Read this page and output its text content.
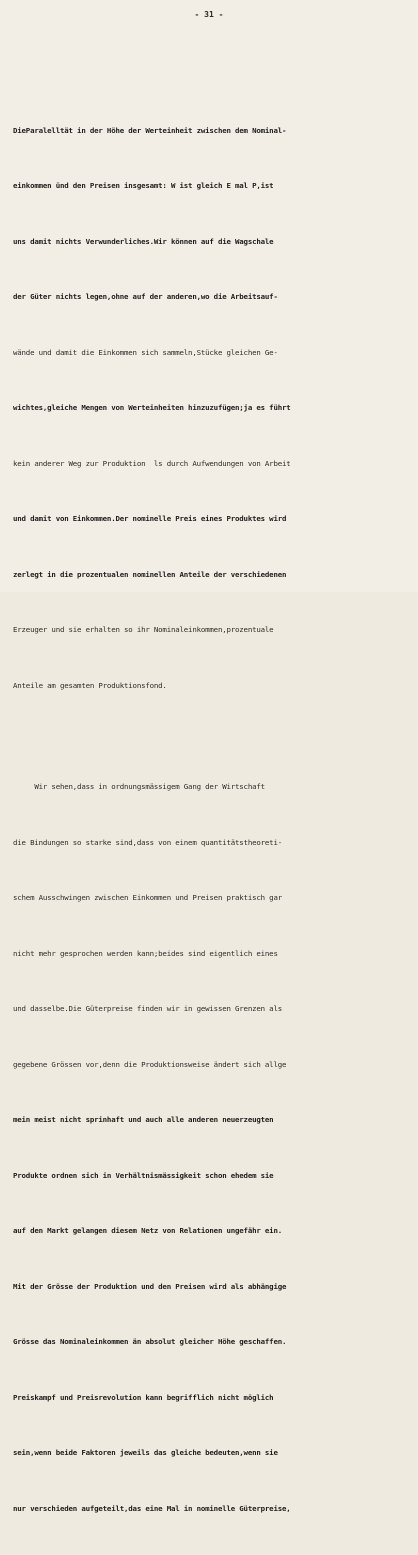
- 31 -

DieParalelltät in der Höhe der Werteinheit zwischen dem Nominal-

einkommen ünd den Preisen insgesamt: W ist gleich E mal P,ist

uns damit nichts Verwunderliches.Wir können auf die Wagschale

der Güter nichts legen,ohne auf der anderen,wo die Arbeitsauf-

wände und damit die Einkommen sich sammeln,Stücke gleichen Ge-

wichtes,gleiche Mengen von Werteinheiten hinzuzufügen;ja es führt

kein anderer Weg zur Produktion  ls durch Aufwendungen von Arbeit

und damit von Einkommen.Der nominelle Preis eines Produktes wird

zerlegt in die prozentualen nominellen Anteile der verschiedenen

Erzeuger und sie erhalten so ihr Nominaleinkommen,prozentuale

Anteile am gesamten Produktionsfond.

Wir sehen,dass in ordnungsmässigem Gang der Wirtschaft

die Bindungen so starke sind,dass von einem quantitätstheoreti-

schem Ausschwingen zwischen Einkommen und Preisen praktisch gar

nicht mehr gesprochen werden kann;beides sind eigentlich eines

und dasselbe.Die Güterpreise finden wir in gewissen Grenzen als

gegebene Grössen vor,denn die Produktionsweise ändert sich allge

mein meist nicht sprinhaft und auch alle anderen neuerzeugten

Produkte ordnen sich in Verhältnismässigkeit schon ehedem sie

auf den Markt gelangen diesem Netz von Relationen ungefähr ein.

Mit der Grösse der Produktion und den Preisen wird als abhängige

Grösse das Nominaleinkommen än absolut gleicher Höhe geschaffen.

Preiskampf und Preisrevolution kann begrifflich nicht möglich

sein,wenn beide Faktoren jeweils das gleiche bedeuten,wenn sie

nur verschieden aufgeteilt,das eine Mal in nominelle Güterpreise,
